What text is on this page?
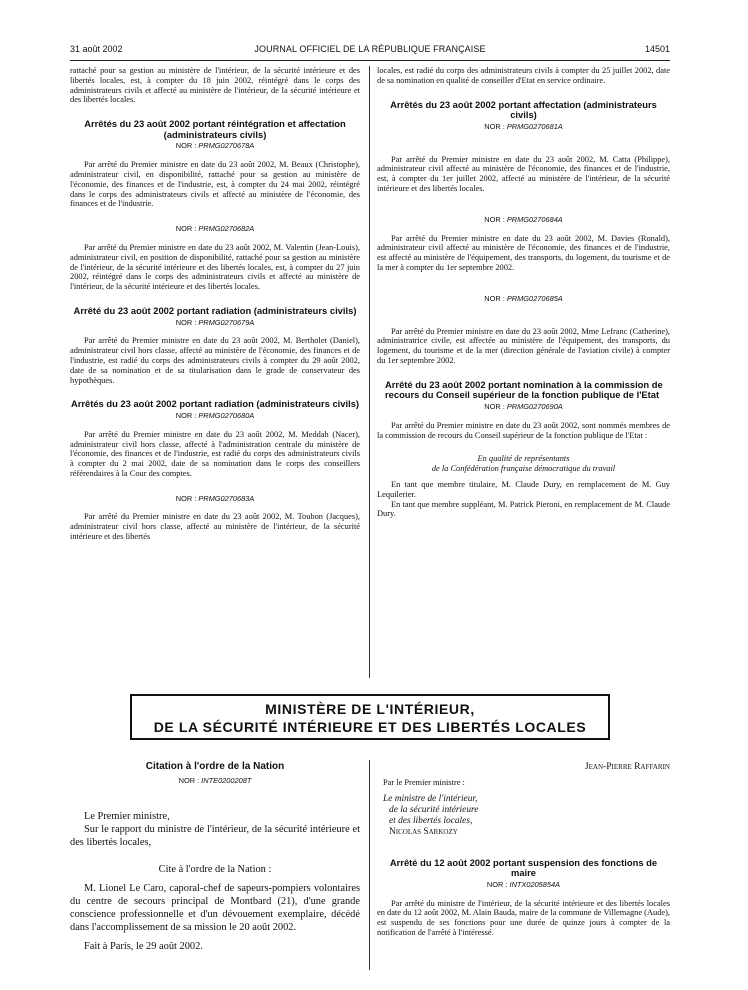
31 août 2002	JOURNAL OFFICIEL DE LA RÉPUBLIQUE FRANÇAISE	14501

rattaché pour sa gestion au ministère de l'intérieur, de la sécurité intérieure et des libertés locales, est, à compter du 18 juin 2002, réintégré dans le corps des administrateurs civils et affecté au ministère de l'intérieur, de la sécurité intérieure et des libertés locales.

Arrêtés du 23 août 2002 portant réintégration et affectation (administrateurs civils)

NOR : PRMG0270678A

Par arrêté du Premier ministre en date du 23 août 2002, M. Beaux (Christophe), administrateur civil, en disponibilité, rattaché pour sa gestion au ministère de l'économie, des finances et de l'industrie, est, à compter du 24 mai 2002, réintégré dans le corps des administrateurs civils et affecté au ministère de l'économie, des finances et de l'industrie.

NOR : PRMG0270682A

Par arrêté du Premier ministre en date du 23 août 2002, M. Valentin (Jean-Louis), administrateur civil, en position de disponibilité, rattaché pour sa gestion au ministère de l'intérieur, de la sécurité intérieure et des libertés locales, est, à compter du 27 juin 2002, réintégré dans le corps des administrateurs civils et affecté au ministère de l'intérieur, de la sécurité intérieure et des libertés locales.

Arrêté du 23 août 2002 portant radiation (administrateurs civils)

NOR : PRMG0270679A

Par arrêté du Premier ministre en date du 23 août 2002, M. Bertholet (Daniel), administrateur civil hors classe, affecté au ministère de l'économie, des finances et de l'industrie, est radié du corps des administrateurs civils à compter du 29 août 2002, date de sa nomination et de sa titularisation dans le grade de conservateur des hypothèques.

Arrêtés du 23 août 2002 portant radiation (administrateurs civils)

NOR : PRMG0270680A

Par arrêté du Premier ministre en date du 23 août 2002, M. Meddah (Nacer), administrateur civil hors classe, affecté à l'administration centrale du ministère de l'économie, des finances et de l'industrie, est radié du corps des administrateurs civils à compter du 2 mai 2002, date de sa nomination dans le corps des conseillers référendaires à la Cour des comptes.

NOR : PRMG0270683A

Par arrêté du Premier ministre en date du 23 août 2002, M. Toubon (Jacques), administrateur civil hors classe, affecté au ministère de l'intérieur, de la sécurité intérieure et des libertés

locales, est radié du corps des administrateurs civils à compter du 25 juillet 2002, date de sa nomination en qualité de conseiller d'Etat en service ordinaire.

Arrêtés du 23 août 2002 portant affectation (administrateurs civils)

NOR : PRMG0270681A

Par arrêté du Premier ministre en date du 23 août 2002, M. Catta (Philippe), administrateur civil affecté au ministère de l'économie, des finances et de l'industrie, est, à compter du 1er juillet 2002, affecté au ministère de l'intérieur, de la sécurité intérieure et des libertés locales.

NOR : PRMG0270684A

Par arrêté du Premier ministre en date du 23 août 2002, M. Davies (Ronald), administrateur civil affecté au ministère de l'économie, des finances et de l'industrie, est affecté au ministère de l'équipement, des transports, du logement, du tourisme et de la mer à compter du 1er septembre 2002.

NOR : PRMG0270685A

Par arrêté du Premier ministre en date du 23 août 2002, Mme Lefranc (Catherine), administratrice civile, est affectée au ministère de l'équipement, des transports, du logement, du tourisme et de la mer (direction générale de l'aviation civile) à compter du 1er septembre 2002.

Arrêté du 23 août 2002 portant nomination à la commission de recours du Conseil supérieur de la fonction publique de l'Etat

NOR : PRMG0270690A

Par arrêté du Premier ministre en date du 23 août 2002, sont nommés membres de la commission de recours du Conseil supérieur de la fonction publique de l'Etat :

En qualité de représentants

de la Confédération française démocratique du travail

En tant que membre titulaire, M. Claude Dury, en remplacement de M. Guy Lequilerier.

En tant que membre suppléant, M. Patrick Pieroni, en remplacement de M. Claude Dury.

MINISTÈRE DE L'INTÉRIEUR,
DE LA SÉCURITÉ INTÉRIEURE ET DES LIBERTÉS LOCALES

Citation à l'ordre de la Nation

NOR : INTE0200208T

Le Premier ministre,

Sur le rapport du ministre de l'intérieur, de la sécurité intérieure et des libertés locales,

Cite à l'ordre de la Nation :

M. Lionel Le Caro, caporal-chef de sapeurs-pompiers volontaires du centre de secours principal de Montbard (21), d'une grande conscience professionnelle et d'un dévouement exemplaire, décédé dans l'accomplissement de sa mission le 20 août 2002.

Fait à Paris, le 29 août 2002.

Jean-Pierre Raffarin

Par le Premier ministre :

Le ministre de l'intérieur,

de la sécurité intérieure

et des libertés locales,

Nicolas Sarkozy

Arrêté du 12 août 2002 portant suspension des fonctions de maire

NOR : INTX0205854A

Par arrêté du ministre de l'intérieur, de la sécurité intérieure et des libertés locales en date du 12 août 2002, M. Alain Bauda, maire de la commune de Villemagne (Aude), est suspendu de ses fonctions pour une durée de quinze jours à compter de la notification de l'arrêté à l'intéressé.
